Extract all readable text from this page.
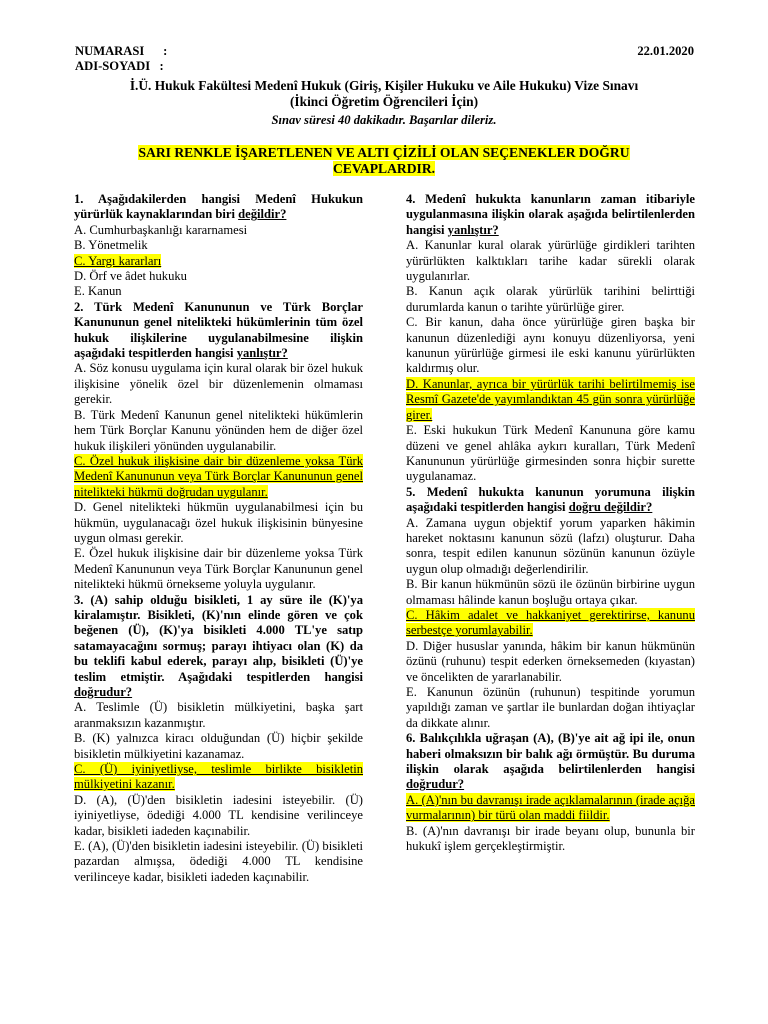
NUMARASI      :
ADI-SOYADI   :
22.01.2020
İ.Ü. Hukuk Fakültesi Medenî Hukuk (Giriş, Kişiler Hukuku ve Aile Hukuku) Vize Sınavı
(İkinci Öğretim Öğrencileri İçin)
Sınav süresi 40 dakikadır. Başarılar dileriz.
SARI RENKLE İŞARETLENEN VE ALTI ÇİZİLİ OLAN SEÇENEKLER DOĞRU
CEVAPLARDIR.
1. Aşağıdakilerden hangisi Medenî Hukukun yürürlük kaynaklarından biri değildir?
A. Cumhurbaşkanlığı kararnamesi
B. Yönetmelik
C. Yargı kararları
D. Örf ve âdet hukuku
E. Kanun
2. Türk Medenî Kanununun ve Türk Borçlar Kanununun genel nitelikteki hükümlerinin tüm özel hukuk ilişkilerine uygulanabilmesine ilişkin aşağıdaki tespitlerden hangisi yanlıştır?
A. Söz konusu uygulama için kural olarak bir özel hukuk ilişkisine yönelik özel bir düzenlemenin olmaması gerekir.
B. Türk Medenî Kanunun genel nitelikteki hükümlerin hem Türk Borçlar Kanunu yönünden hem de diğer özel hukuk ilişkileri yönünden uygulanabilir.
C. Özel hukuk ilişkisine dair bir düzenleme yoksa Türk Medenî Kanununun veya Türk Borçlar Kanununun genel nitelikteki hükmü doğrudan uygulanır.
D. Genel nitelikteki hükmün uygulanabilmesi için bu hükmün, uygulanacağı özel hukuk ilişkisinin bünyesine uygun olması gerekir.
E. Özel hukuk ilişkisine dair bir düzenleme yoksa Türk Medenî Kanununun veya Türk Borçlar Kanununun genel nitelikteki hükmü örnekseme yoluyla uygulanır.
3. (A) sahip olduğu bisikleti, 1 ay süre ile (K)'ya kiralamıştır. Bisikleti, (K)'nın elinde gören ve çok beğenen (Ü), (K)'ya bisikleti 4.000 TL'ye satıp satamayacağını sormuş; parayı ihtiyacı olan (K) da bu teklifi kabul ederek, parayı alıp, bisikleti (Ü)'ye teslim etmiştir. Aşağıdaki tespitlerden hangisi doğrudur?
A. Teslimle (Ü) bisikletin mülkiyetini, başka şart aranmaksızın kazanmıştır.
B. (K) yalnızca kiracı olduğundan (Ü) hiçbir şekilde bisikletin mülkiyetini kazanamaz.
C. (Ü) iyiniyetliyse, teslimle birlikte bisikletin mülkiyetini kazanır.
D. (A), (Ü)'den bisikletin iadesini isteyebilir. (Ü) iyiniyetliyse, ödediği 4.000 TL kendisine verilinceye kadar, bisikleti iadeden kaçınabilir.
E. (A), (Ü)'den bisikletin iadesini isteyebilir. (Ü) bisikleti pazardan almışsa, ödediği 4.000 TL kendisine verilinceye kadar, bisikleti iadeden kaçınabilir.
4. Medenî hukukta kanunların zaman itibariyle uygulanmasına ilişkin olarak aşağıda belirtilenlerden hangisi yanlıştır?
A. Kanunlar kural olarak yürürlüğe girdikleri tarihten yürürlükten kalktıkları tarihe kadar sürekli olarak uygulanırlar.
B. Kanun açık olarak yürürlük tarihini belirttiği durumlarda kanun o tarihte yürürlüğe girer.
C. Bir kanun, daha önce yürürlüğe giren başka bir kanunun düzenlediği aynı konuyu düzenliyorsa, yeni kanunun yürürlüğe girmesi ile eski kanunu yürürlükten kaldırmış olur.
D. Kanunlar, ayrıca bir yürürlük tarihi belirtilmemiş ise Resmî Gazete'de yayımlandıktan 45 gün sonra yürürlüğe girer.
E. Eski hukukun Türk Medenî Kanununa göre kamu düzeni ve genel ahlâka aykırı kuralları, Türk Medenî Kanununun yürürlüğe girmesinden sonra hiçbir surette uygulanamaz.
5. Medenî hukukta kanunun yorumuna ilişkin aşağıdaki tespitlerden hangisi doğru değildir?
A. Zamana uygun objektif yorum yaparken hâkimin hareket noktasını kanunun sözü (lafzı) oluşturur. Daha sonra, tespit edilen kanunun sözünün kanunun özüyle uygun olup olmadığı değerlendirilir.
B. Bir kanun hükmünün sözü ile özünün birbirine uygun olmaması hâlinde kanun boşluğu ortaya çıkar.
C. Hâkim adalet ve hakkaniyet gerektirirse, kanunu serbestçe yorumlayabilir.
D. Diğer hususlar yanında, hâkim bir kanun hükmünün özünü (ruhunu) tespit ederken örneksemeden (kıyastan) ve öncelikten de yararlanabilir.
E. Kanunun özünün (ruhunun) tespitinde yorumun yapıldığı zaman ve şartlar ile bunlardan doğan ihtiyaçlar da dikkate alınır.
6. Balıkçılıkla uğraşan (A), (B)'ye ait ağ ipi ile, onun haberi olmaksızın bir balık ağı örmüştür. Bu duruma ilişkin olarak aşağıda belirtilenlerden hangisi doğrudur?
A. (A)'nın bu davranışı irade açıklamalarının (irade açığa vurmalarının) bir türü olan maddi fiildir.
B. (A)'nın davranışı bir irade beyanı olup, bununla bir hukukî işlem gerçekleştirmiştir.
